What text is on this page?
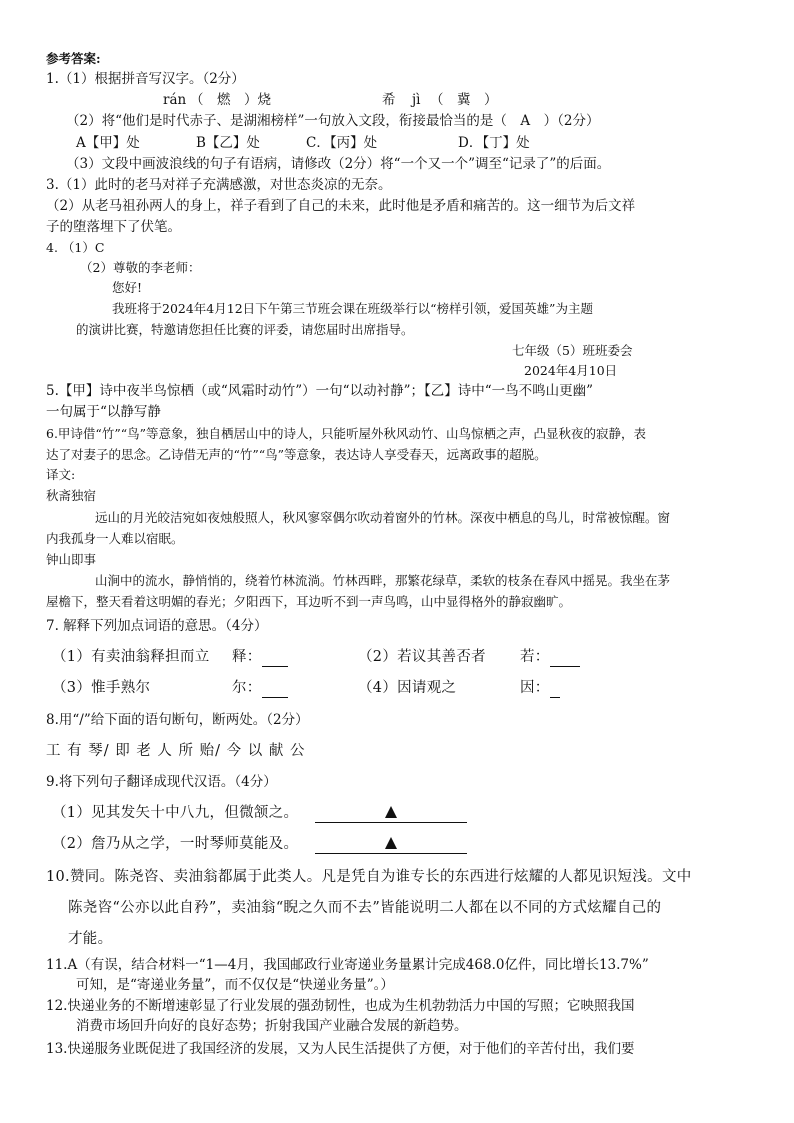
参考答案:
1.（1）根据拼音写汉字。（2分）
rán （　燃　）烧	希 jì （　冀　）
（2）将“他们是时代赤子、是湖湘榜样”一句放入文段，衔接最恰当的是（　A　）（2分）
A【甲】处	B【乙】处	C．【丙】处	D．【丁】处
（3）文段中画波浪线的句子有语病，请修改（2分）将“一个又一个”调至“记录了”的后面。
3.（1）此时的老马对祥子充满感激，对世态炎凉的无奈。
（2）从老马祖孙两人的身上，祥子看到了自己的未来，此时他是矛盾和痛苦的。这一细节为后文祥
子的堕落埋下了伏笔。
4. （1）C
（2）尊敬的李老师：
您好!
我班将于2024年4月12日下午第三节班会课在班级举行以“榜样引领，爱国英雄”为主题
的演讲比赛，特邀请您担任比赛的评委，请您届时出席指导。
七年级（5）班班委会
2024年4月10日
5.【甲】诗中夜半鸟惊栖（或“风霜时动竹”）一句“以动衬静”；【乙】诗中“一鸟不鸣山更幽”
一句属于“以静写静
6.甲诗借“竹”“鸟”等意象，独自栖居山中的诗人，只能听屋外秋风动竹、山鸟惊栖之声，凸显秋夜的寂静，表
达了对妻子的思念。乙诗借无声的“竹”“鸟”等意象，表达诗人享受春天，远离政事的超脱。
译文:
秋斋独宿
远山的月光皎洁宛如夜烛般照人，秋风寥窣偶尔吹动着窗外的竹林。深夜中栖息的鸟儿，时常被惊醒。窗
内我孤身一人难以宿眠。
钟山即事
山涧中的流水，静悄悄的，绕着竹林流淌。竹林西畔，那繁花绿草，柔软的枝条在春风中摇晃。我坐在茅
屋檐下，整天看着这明媚的春光；夕阳西下，耳边听不到一声鸟鸣，山中显得格外的静寂幽旷。
7. 解释下列加点词语的意思。（4分）
（1）有卖油翁释担而立 释：	（2）若议其善否者 若：
（3）惟手熟尔	尔：	（4）因请观之	因：
8.用“/”给下面的语句断句，断两处。（2分）
工 有 琴/ 即 老 人 所 贻/ 今 以 献 公
9.将下列句子翻译成现代汉语。（4分）
（1）见其发矢十中八九，但微颔之。
（2）詹乃从之学，一时琴师莫能及。
10.赞同。陈尧咨、卖油翁都属于此类人。凡是凭自为谁专长的东西进行炫耀的人都见识短浅。文中
陈尧咨“公亦以此自矜”，卖油翁“睨之久而不去”皆能说明二人都在以不同的方式炫耀自己的
才能。
11.A（有误，结合材料一“1—4月，我国邮政行业寄递业务量累计完成468.0亿件，同比增长13.7%”
可知，是“寄递业务量”，而不仅仅是“快递业务量”。）
12.快递业务的不断增速彰显了行业发展的强劲韧性，也成为生机勃勃活力中国的写照；它映照我国
消费市场回升向好的良好态势；折射我国产业融合发展的新趋势。
13.快递服务业既促进了我国经济的发展，又为人民生活提供了方便，对于他们的辛苦付出，我们要
